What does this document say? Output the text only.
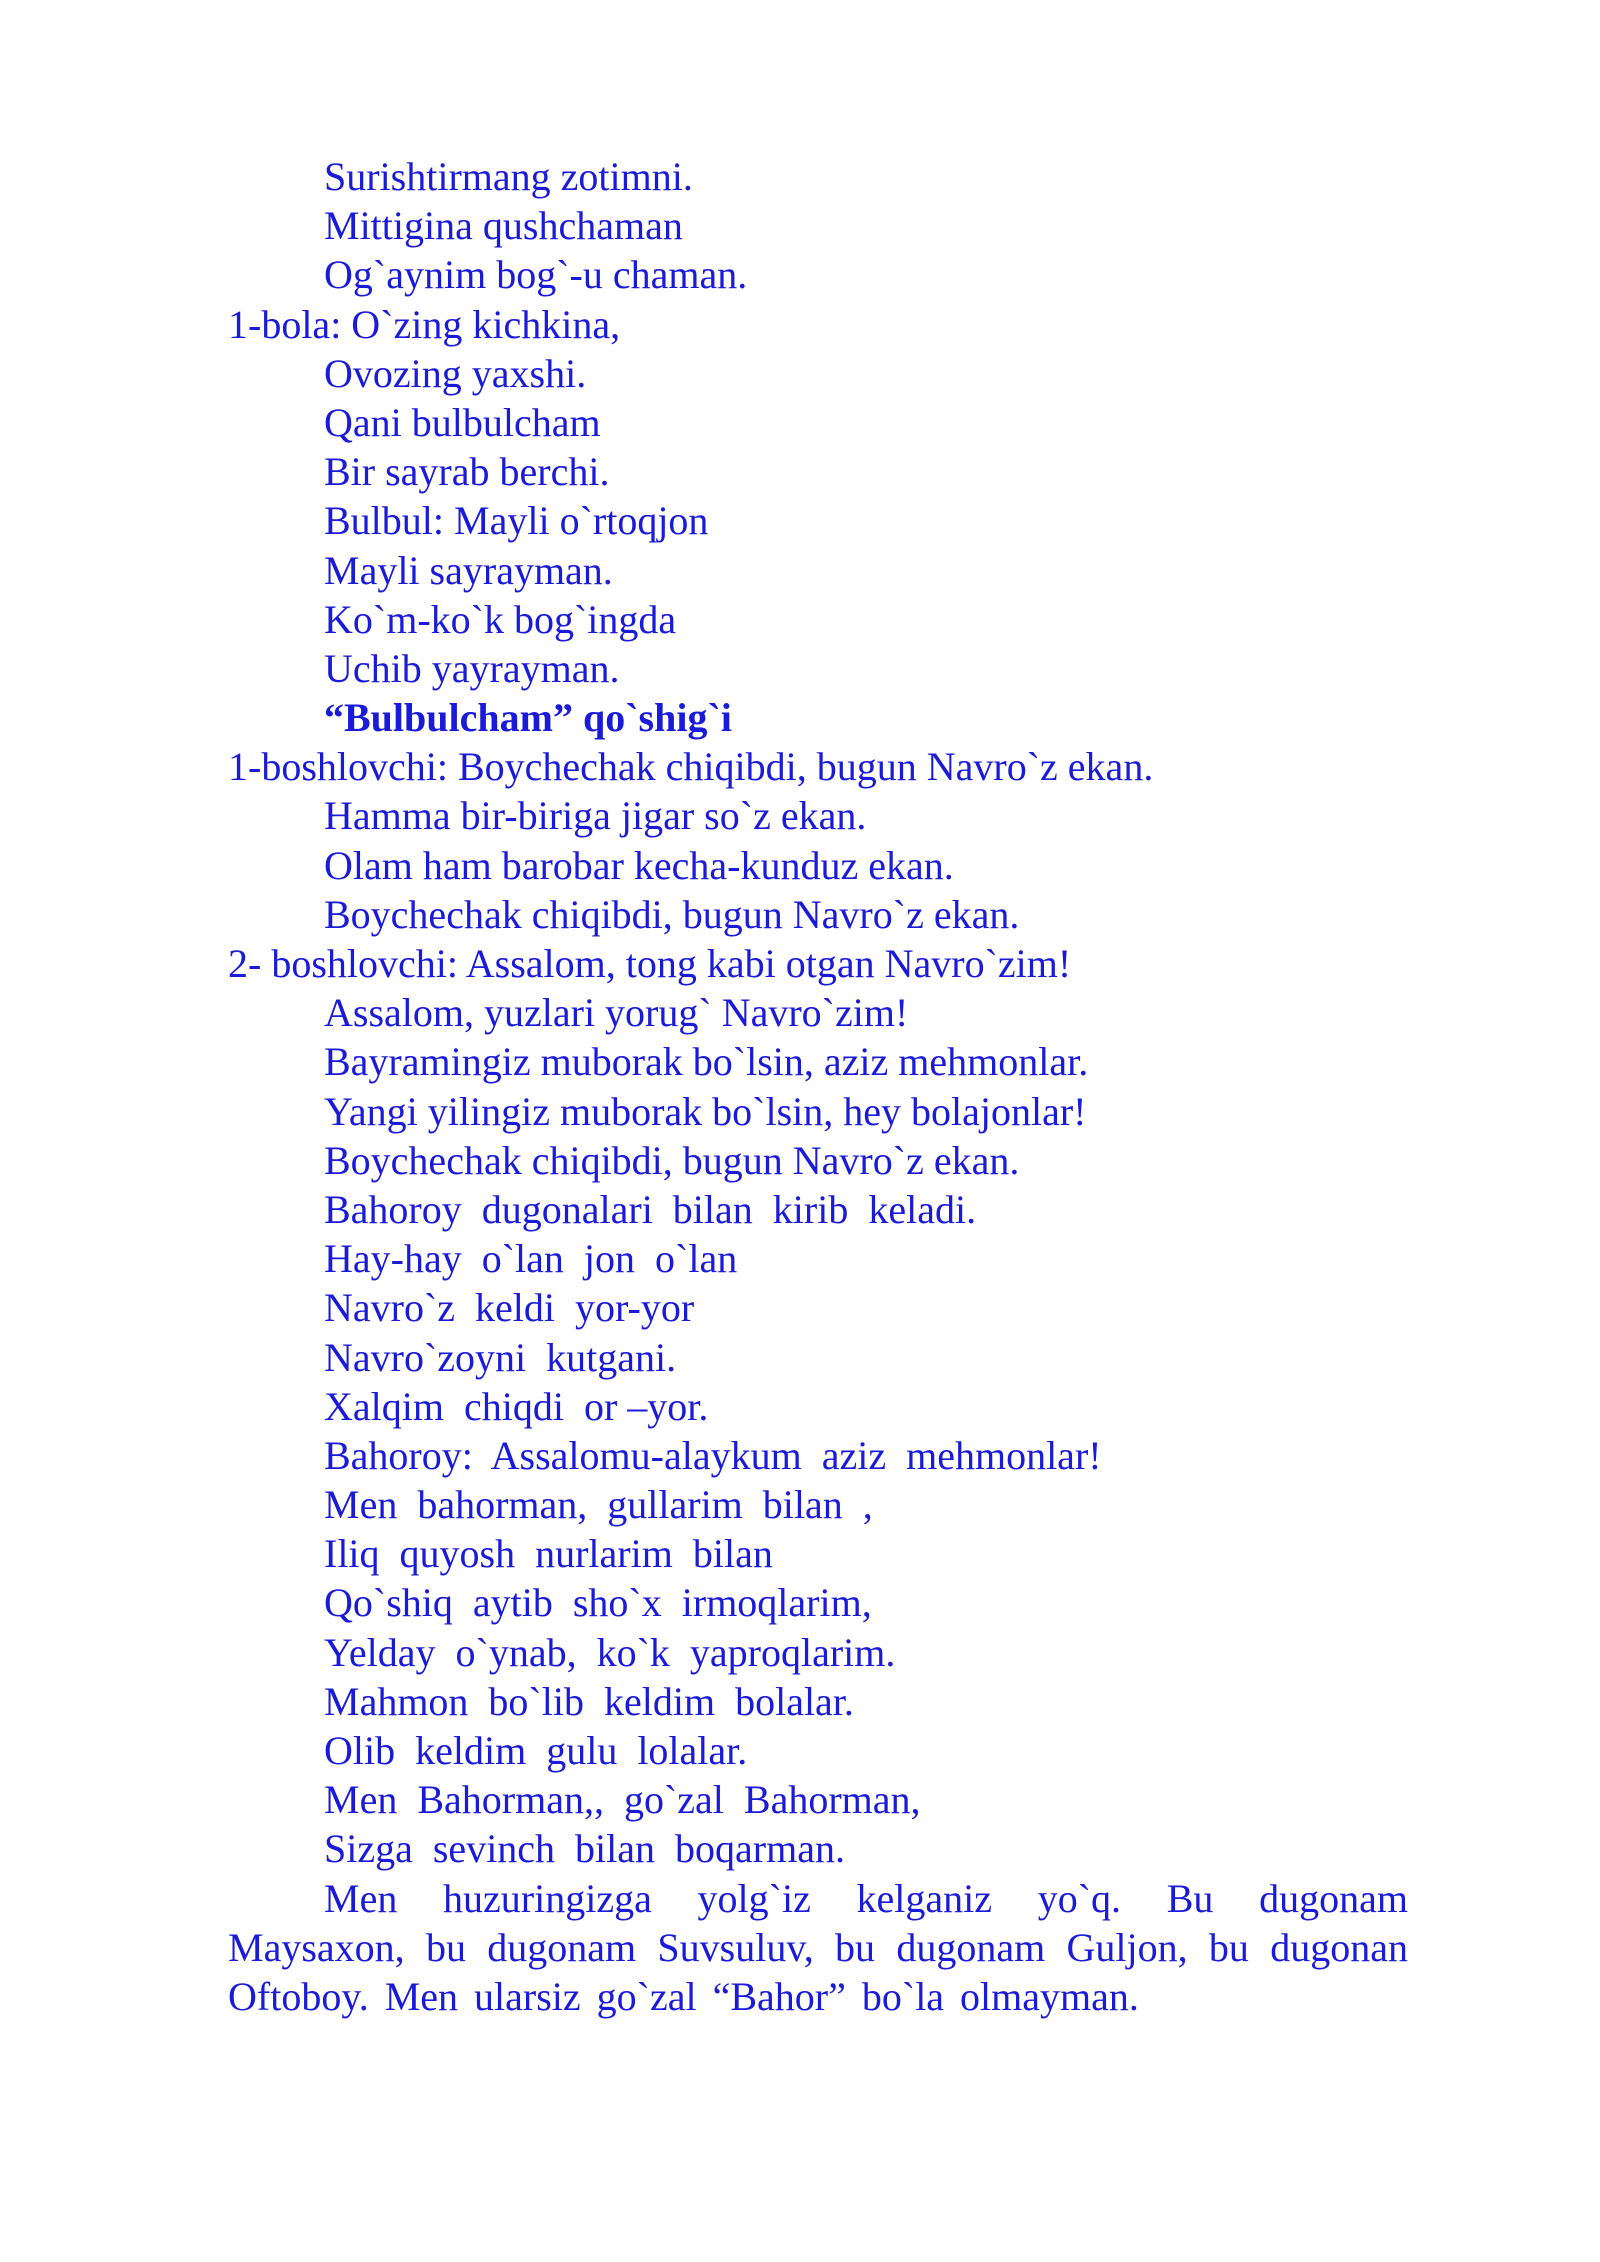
Surishtirmang zotimni.
Mittigina qushchaman
Og`aynim bog`-u chaman.
1-bola: O`zing kichkina,
Ovozing yaxshi.
Qani bulbulcham
Bir sayrab berchi.
Bulbul: Mayli o`rtoqjon
Mayli sayrayman.
Ko`m-ko`k bog`ingda
Uchib yayrayman.
“Bulbulcham” qo`shig`i
1-boshlovchi: Boychechak chiqibdi, bugun Navro`z ekan.
Hamma bir-biriga jigar so`z ekan.
Olam ham barobar kecha-kunduz ekan.
Boychechak chiqibdi, bugun Navro`z ekan.
2- boshlovchi: Assalom, tong kabi otgan Navro`zim!
Assalom, yuzlari yorug` Navro`zim!
Bayramingiz muborak bo`lsin, aziz mehmonlar.
Yangi yilingiz muborak bo`lsin, hey bolajonlar!
Boychechak chiqibdi, bugun Navro`z ekan.
Bahoroy  dugonalari  bilan  kirib  keladi.
Hay-hay  o`lan  jon  o`lan
Navro`z  keldi  yor-yor
Navro`zoyni  kutgani.
Xalqim  chiqdi  or –yor.
Bahoroy:  Assalomu-alaykum  aziz  mehmonlar!
Men  bahorman,  gullarim  bilan  ,
Iliq  quyosh  nurlarim  bilan
Qo`shiq  aytib  sho`x  irmoqlarim,
Yelday  o`ynab,  ko`k  yaproqlarim.
Mahmon  bo`lib  keldim  bolalar.
Olib  keldim  gulu  lolalar.
Men  Bahorman,,  go`zal  Bahorman,
Sizga  sevinch  bilan  boqarman.
Men huzuringizga yolg`iz kelganiz yo`q. Bu dugonam Maysaxon, bu dugonam Suvsuluv, bu dugonam Guljon, bu dugonan Oftoboy. Men ularsiz go`zal “Bahor” bo`la olmayman.
